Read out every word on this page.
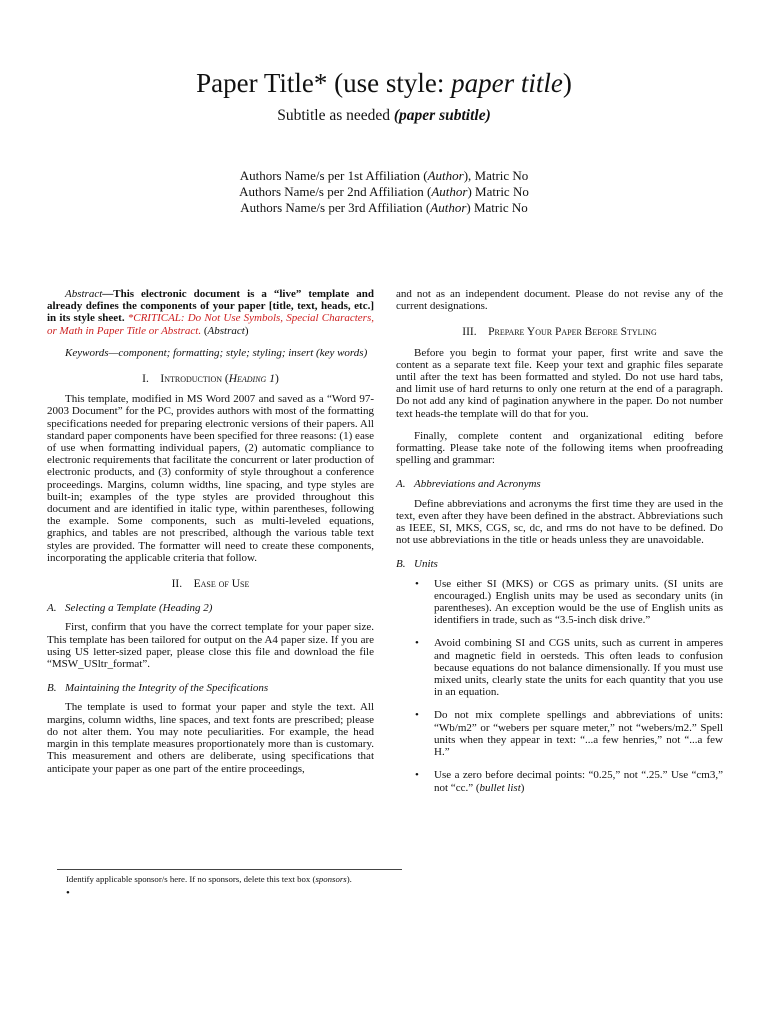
Paper Title* (use style: paper title)
Subtitle as needed (paper subtitle)
Authors Name/s per 1st Affiliation (Author), Matric No
Authors Name/s per 2nd Affiliation (Author) Matric No
Authors Name/s per 3rd Affiliation (Author) Matric No

Abstract—This electronic document is a “live” template and already defines the components of your paper [title, text, heads, etc.] in its style sheet. *CRITICAL: Do Not Use Symbols, Special Characters, or Math in Paper Title or Abstract. (Abstract)

Keywords—component; formatting; style; styling; insert (key words)

I.  Introduction (Heading 1)

This template, modified in MS Word 2007 and saved as a “Word 97-2003 Document” for the PC, provides authors with most of the formatting specifications needed for preparing electronic versions of their papers. All standard paper components have been specified for three reasons: (1) ease of use when formatting individual papers, (2) automatic compliance to electronic requirements that facilitate the concurrent or later production of electronic products, and (3) conformity of style throughout a conference proceedings. Margins, column widths, line spacing, and type styles are built-in; examples of the type styles are provided throughout this document and are identified in italic type, within parentheses, following the example. Some components, such as multi-leveled equations, graphics, and tables are not prescribed, although the various table text styles are provided. The formatter will need to create these components, incorporating the applicable criteria that follow.

II. Ease of Use
A. Selecting a Template (Heading 2)

First, confirm that you have the correct template for your paper size. This template has been tailored for output on the A4 paper size. If you are using US letter-sized paper, please close this file and download the file “MSW_USltr_format”.

B. Maintaining the Integrity of the Specifications

The template is used to format your paper and style the text. All margins, column widths, line spaces, and text fonts are prescribed; please do not alter them. You may note peculiarities. For example, the head margin in this template measures proportionately more than is customary. This measurement and others are deliberate, using specifications that anticipate your paper as one part of the entire proceedings,

and not as an independent document. Please do not revise any of the current designations.

III. Prepare Your Paper Before Styling

Before you begin to format your paper, first write and save the content as a separate text file. Keep your text and graphic files separate until after the text has been formatted and styled. Do not use hard tabs, and limit use of hard returns to only one return at the end of a paragraph. Do not add any kind of pagination anywhere in the paper. Do not number text heads-the template will do that for you.

Finally, complete content and organizational editing before formatting. Please take note of the following items when proofreading spelling and grammar:

A. Abbreviations and Acronyms

Define abbreviations and acronyms the first time they are used in the text, even after they have been defined in the abstract. Abbreviations such as IEEE, SI, MKS, CGS, sc, dc, and rms do not have to be defined. Do not use abbreviations in the title or heads unless they are unavoidable.

B. Units
• Use either SI (MKS) or CGS as primary units. (SI units are encouraged.) English units may be used as secondary units (in parentheses). An exception would be the use of English units as identifiers in trade, such as “3.5-inch disk drive.”
• Avoid combining SI and CGS units, such as current in amperes and magnetic field in oersteds. This often leads to confusion because equations do not balance dimensionally. If you must use mixed units, clearly state the units for each quantity that you use in an equation.
• Do not mix complete spellings and abbreviations of units: “Wb/m2” or “webers per square meter,” not “webers/m2.” Spell units when they appear in text: “...a few henries,” not “...a few H.”
• Use a zero before decimal points: “0.25,” not “.25.” Use “cm3,” not “cc.” (bullet list)
Identify applicable sponsor/s here. If no sponsors, delete this text box (sponsors).
•
